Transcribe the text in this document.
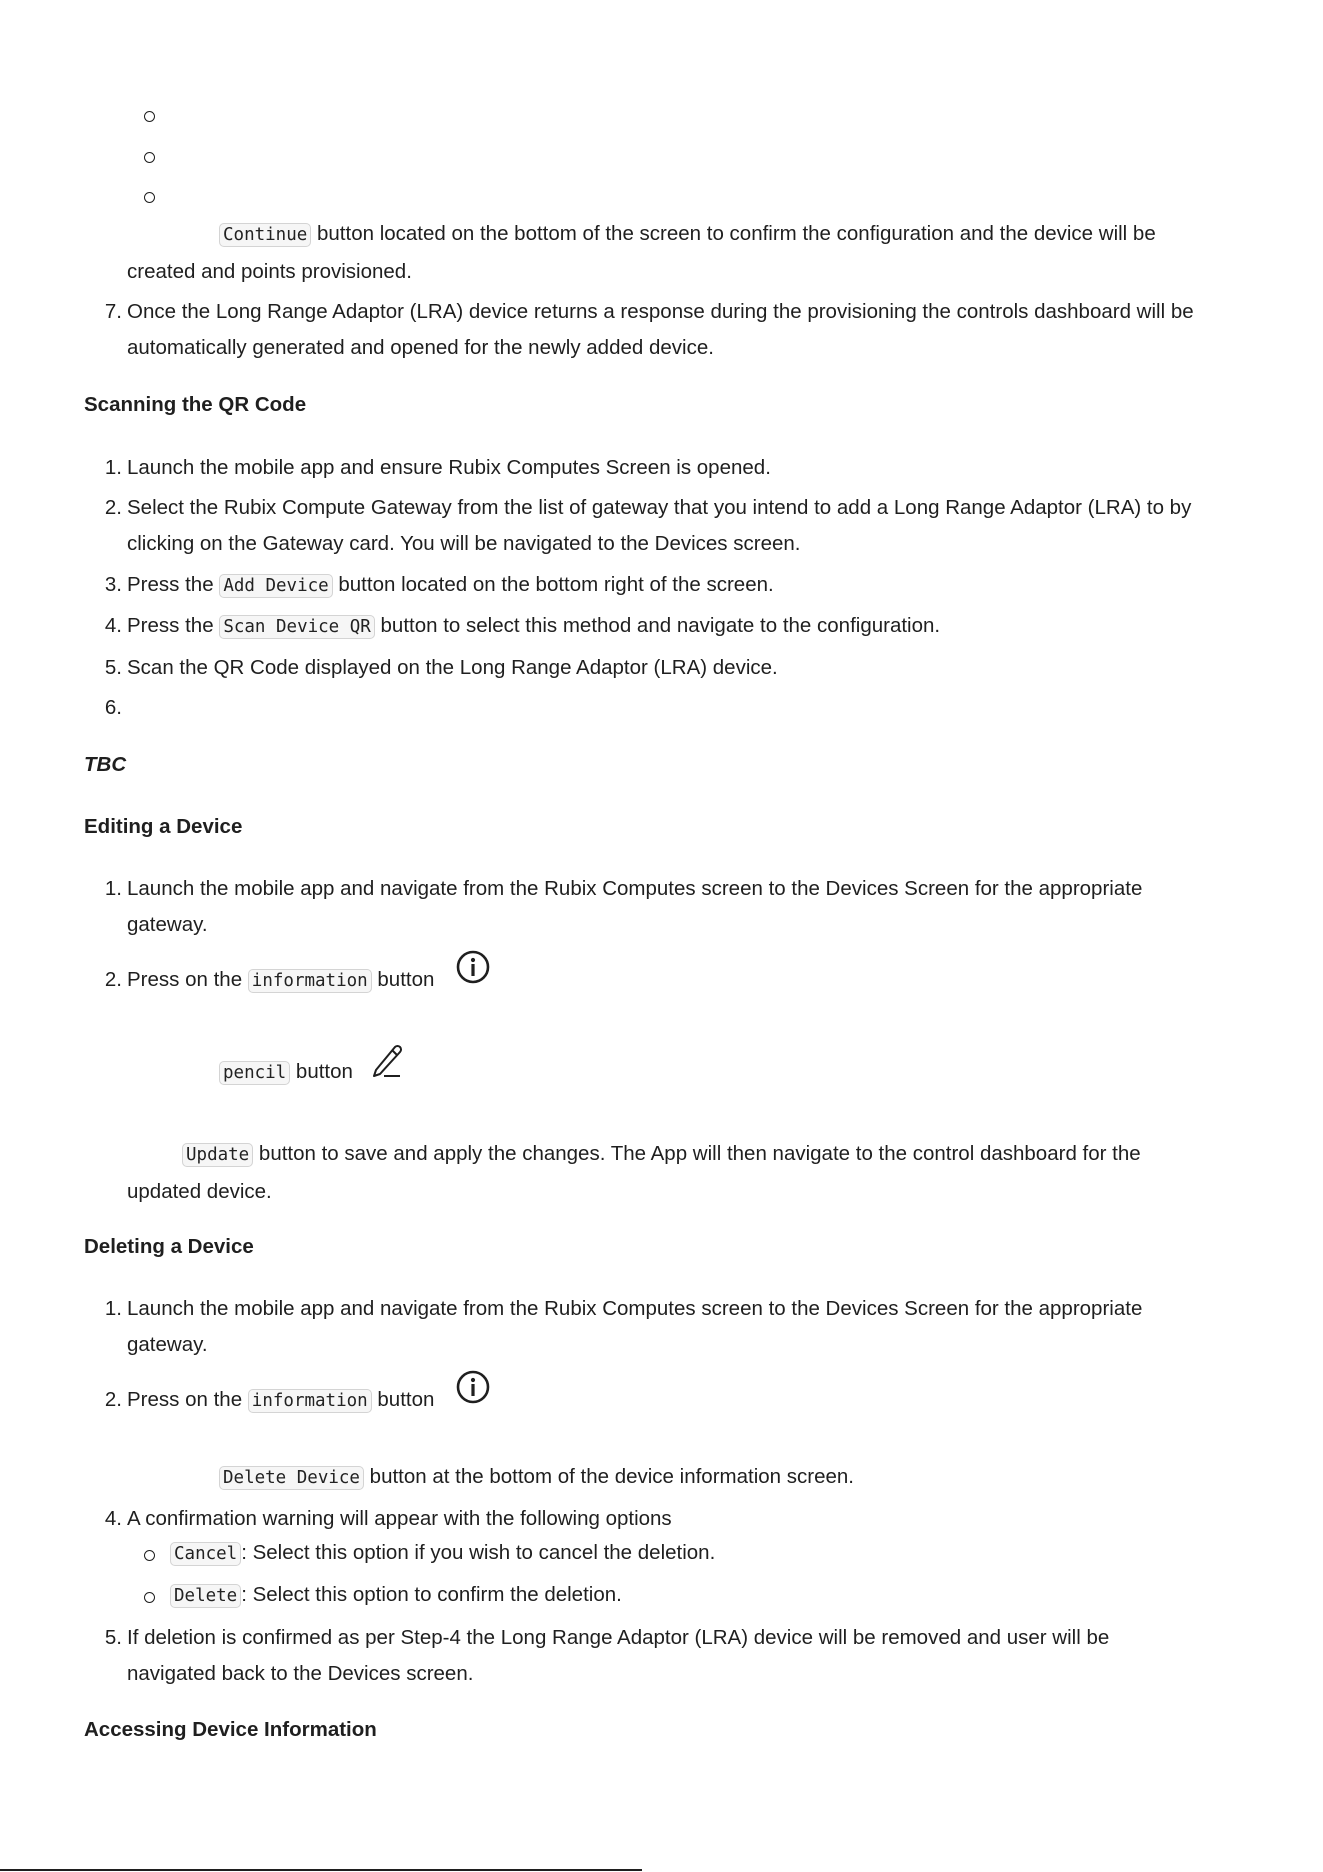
Continue button located on the bottom of the screen to confirm the configuration and the device will be
created and points provisioned.
7. Once the Long Range Adaptor (LRA) device returns a response during the provisioning the controls dashboard will be
automatically generated and opened for the newly added device.
Scanning the QR Code
1. Launch the mobile app and ensure Rubix Computes Screen is opened.
2. Select the Rubix Compute Gateway from the list of gateway that you intend to add a Long Range Adaptor (LRA) to by
clicking on the Gateway card. You will be navigated to the Devices screen.
3. Press the Add Device button located on the bottom right of the screen.
4. Press the Scan Device QR button to select this method and navigate to the configuration.
5. Scan the QR Code displayed on the Long Range Adaptor (LRA) device.
6.
TBC
Editing a Device
1. Launch the mobile app and navigate from the Rubix Computes screen to the Devices Screen for the appropriate
gateway.
2. Press on the information button
pencil button
Update button to save and apply the changes. The App will then navigate to the control dashboard for the
updated device.
Deleting a Device
1. Launch the mobile app and navigate from the Rubix Computes screen to the Devices Screen for the appropriate
gateway.
2. Press on the information button
Delete Device button at the bottom of the device information screen.
4. A confirmation warning will appear with the following options
Cancel : Select this option if you wish to cancel the deletion.
Delete : Select this option to confirm the deletion.
5. If deletion is confirmed as per Step-4 the Long Range Adaptor (LRA) device will be removed and user will be
navigated back to the Devices screen.
Accessing Device Information
